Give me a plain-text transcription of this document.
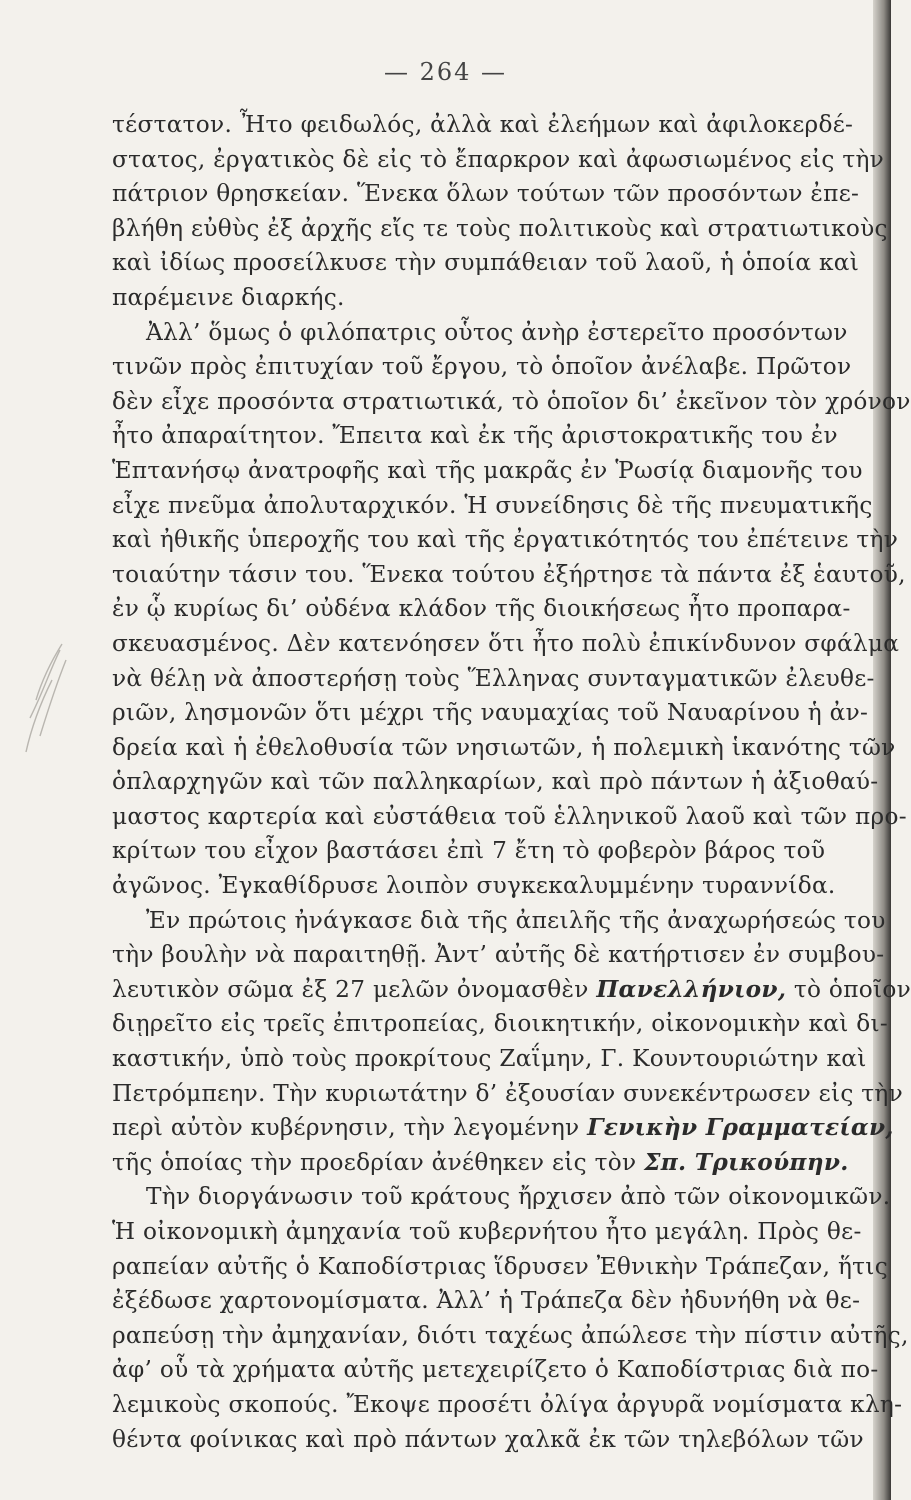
— 264 —
τέστατον. Ἦτο φειδωλός, ἀλλὰ καὶ ἐλεήμων καὶ ἀφιλοκερδέ-
στατος, ἐργατικὸς δὲ εἰς τὸ ἔπαρκρον καὶ ἀφωσιωμένος εἰς τὴν
πάτριον θρησκείαν. Ἕνεκα ὅλων τούτων τῶν προσόντων ἐπε-
βλήθη εὐθὺς ἐξ ἀρχῆς εἴς τε τοὺς πολιτικοὺς καὶ στρατιωτικοὺς
καὶ ἰδίως προσείλκυσε τὴν συμπάθειαν τοῦ λαοῦ, ἡ ὁποία καὶ
παρέμεινε διαρκής.
Ἀλλ’ ὅμως ὁ φιλόπατρις οὗτος ἀνὴρ ἐστερεῖτο προσόντων
τινῶν πρὸς ἐπιτυχίαν τοῦ ἔργου, τὸ ὁποῖον ἀνέλαβε. Πρῶτον
δὲν εἶχε προσόντα στρατιωτικά, τὸ ὁποῖον δι’ ἐκεῖνον τὸν χρόνον
ἦτο ἀπαραίτητον. Ἔπειτα καὶ ἐκ τῆς ἀριστοκρατικῆς του ἐν
Ἑπτανήσῳ ἀνατροφῆς καὶ τῆς μακρᾶς ἐν Ῥωσίᾳ διαμονῆς του
εἶχε πνεῦμα ἀπολυταρχικόν. Ἡ συνείδησις δὲ τῆς πνευματικῆς
καὶ ἠθικῆς ὑπεροχῆς του καὶ τῆς ἐργατικότητός του ἐπέτεινε τὴν
τοιαύτην τάσιν του. Ἕνεκα τούτου ἐξήρτησε τὰ πάντα ἐξ ἑαυτοῦ,
ἐν ᾧ κυρίως δι’ οὐδένα κλάδον τῆς διοικήσεως ἦτο προπαρα-
σκευασμένος. Δὲν κατενόησεν ὅτι ἦτο πολὺ ἐπικίνδυνον σφάλμα
νὰ θέλῃ νὰ ἀποστερήσῃ τοὺς Ἕλληνας συνταγματικῶν ἐλευθε-
ριῶν, λησμονῶν ὅτι μέχρι τῆς ναυμαχίας τοῦ Ναυαρίνου ἡ ἀν-
δρεία καὶ ἡ ἐθελοθυσία τῶν νησιωτῶν, ἡ πολεμικὴ ἱκανότης τῶν
ὁπλαρχηγῶν καὶ τῶν παλληκαρίων, καὶ πρὸ πάντων ἡ ἀξιοθαύ-
μαστος καρτερία καὶ εὐστάθεια τοῦ ἑλληνικοῦ λαοῦ καὶ τῶν προ-
κρίτων του εἶχον βαστάσει ἐπὶ 7 ἔτη τὸ φοβερὸν βάρος τοῦ
ἀγῶνος. Ἐγκαθίδρυσε λοιπὸν συγκεκαλυμμένην τυραννίδα.
Ἐν πρώτοις ἠνάγκασε διὰ τῆς ἀπειλῆς τῆς ἀναχωρήσεώς του
τὴν βουλὴν νὰ παραιτηθῇ. Ἀντ’ αὐτῆς δὲ κατήρτισεν ἐν συμβου-
λευτικὸν σῶμα ἐξ 27 μελῶν ὀνομασθὲν Πανελλήνιον, τὸ ὁποῖον
διῃρεῖτο εἰς τρεῖς ἐπιτροπείας, διοικητικήν, οἰκονομικὴν καὶ δι-
καστικήν, ὑπὸ τοὺς προκρίτους Ζαΐμην, Γ. Κουντουριώτην καὶ
Πετρόμπεην. Τὴν κυριωτάτην δ’ ἐξουσίαν συνεκέντρωσεν εἰς τὴν
περὶ αὐτὸν κυβέρνησιν, τὴν λεγομένην Γενικὴν Γραμματείαν,
τῆς ὁποίας τὴν προεδρίαν ἀνέθηκεν εἰς τὸν Σπ. Τρικούπην.
Τὴν διοργάνωσιν τοῦ κράτους ἤρχισεν ἀπὸ τῶν οἰκονομικῶν.
Ἡ οἰκονομικὴ ἀμηχανία τοῦ κυβερνήτου ἦτο μεγάλη. Πρὸς θε-
ραπείαν αὐτῆς ὁ Καποδίστριας ἵδρυσεν Ἐθνικὴν Τράπεζαν, ἥτις
ἐξέδωσε χαρτονομίσματα. Ἀλλ’ ἡ Τράπεζα δὲν ἠδυνήθη νὰ θε-
ραπεύσῃ τὴν ἀμηχανίαν, διότι ταχέως ἀπώλεσε τὴν πίστιν αὐτῆς,
ἀφ’ οὗ τὰ χρήματα αὐτῆς μετεχειρίζετο ὁ Καποδίστριας διὰ πο-
λεμικοὺς σκοπούς. Ἔκοψε προσέτι ὀλίγα ἀργυρᾶ νομίσματα κλη-
θέντα φοίνικας καὶ πρὸ πάντων χαλκᾶ ἐκ τῶν τηλεβόλων τῶν
